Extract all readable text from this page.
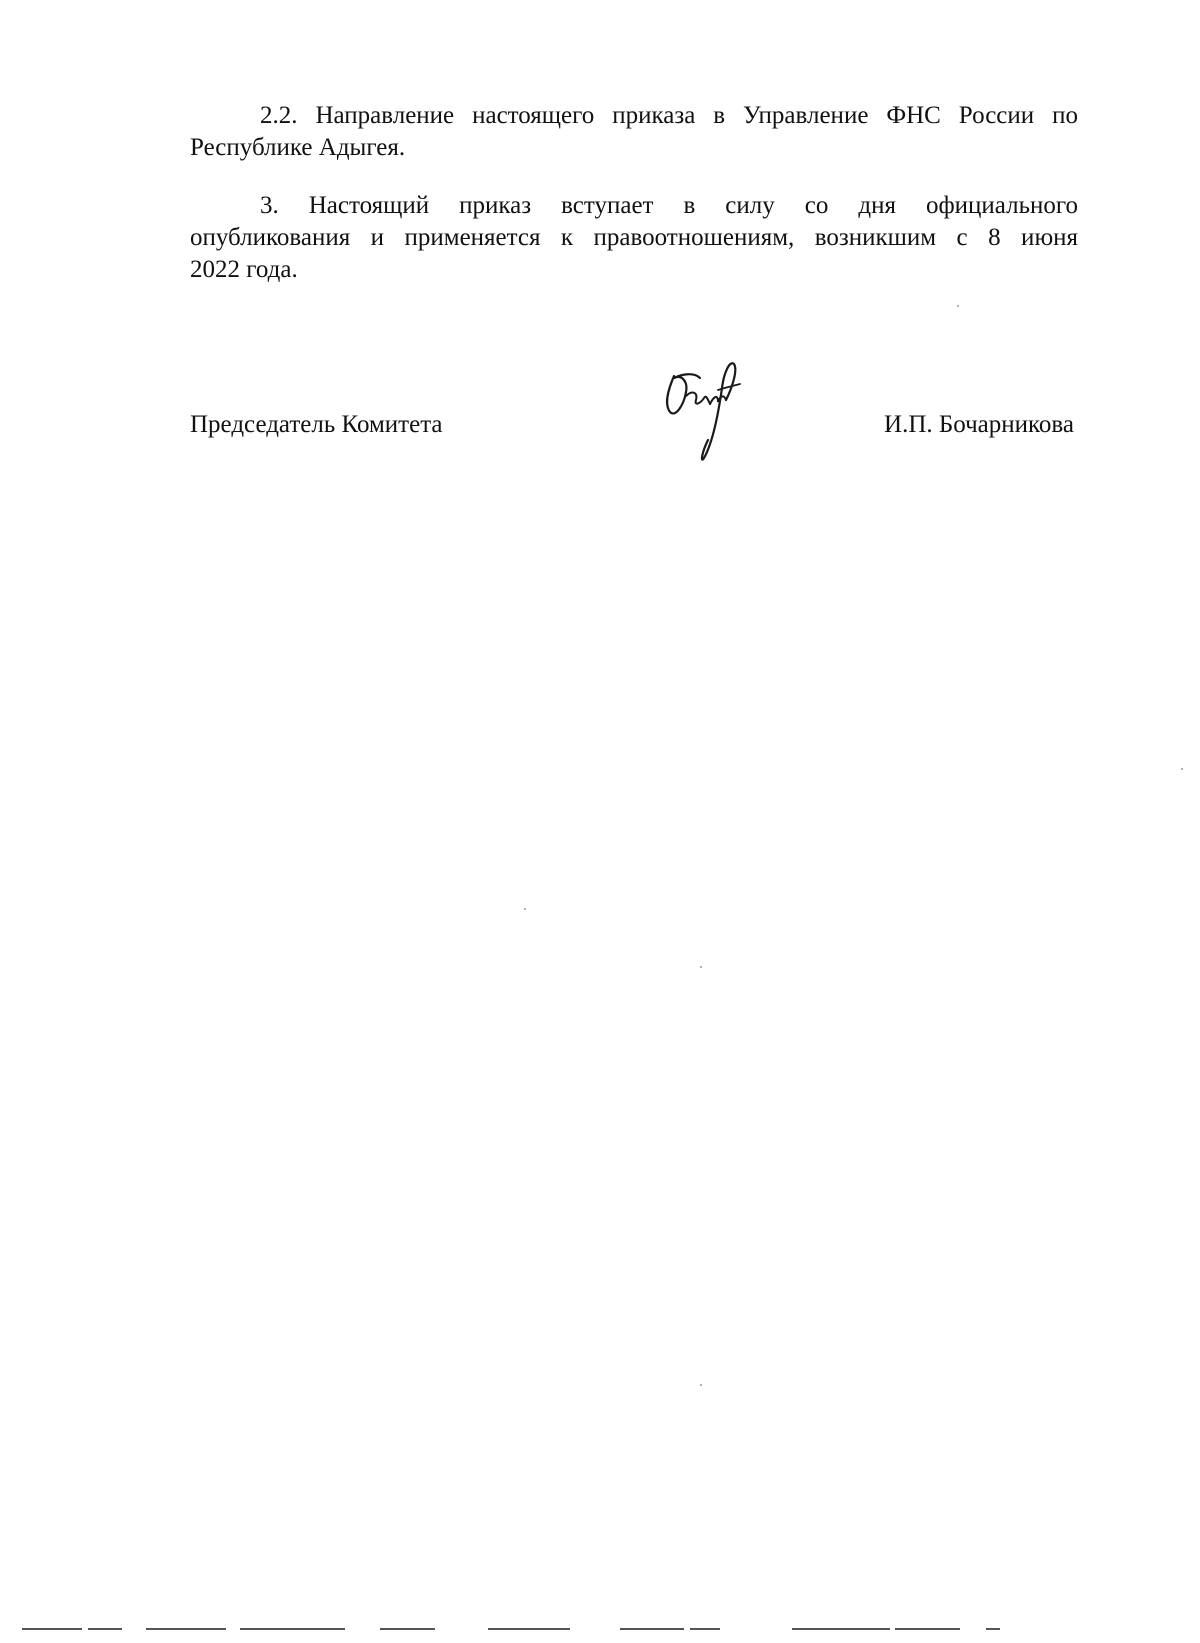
2.2. Направление настоящего приказа в Управление ФНС России по
Республике Адыгея.
3. Настоящий приказ вступает в силу со дня официального
опубликования и применяется к правоотношениям, возникшим с 8 июня
2022 года.

Председатель Комитета	И.П. Бочарникова
